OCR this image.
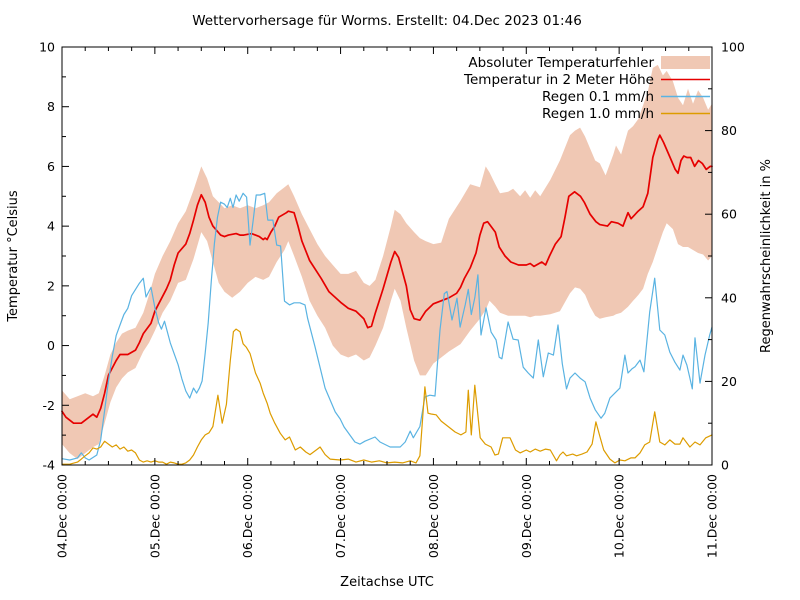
Wettervorhersage für Worms. Erstellt: 04.Dec 2023 01:46
Temperatur °Celsius	Regenwahrscheinlichkeit in %
Zeitachse UTC
-4
-2
0
2
4
6
8
10
0
20
40
60
80
100
04.Dec 00:00	05.Dec 00:00	06.Dec 00:00	07.Dec 00:00	08.Dec 00:00	09.Dec 00:00	10.Dec 00:00	11.Dec 00:00
Absoluter Temperaturfehler
Temperatur in 2 Meter Höhe
Regen 0.1 mm/h
Regen 1.0 mm/h
